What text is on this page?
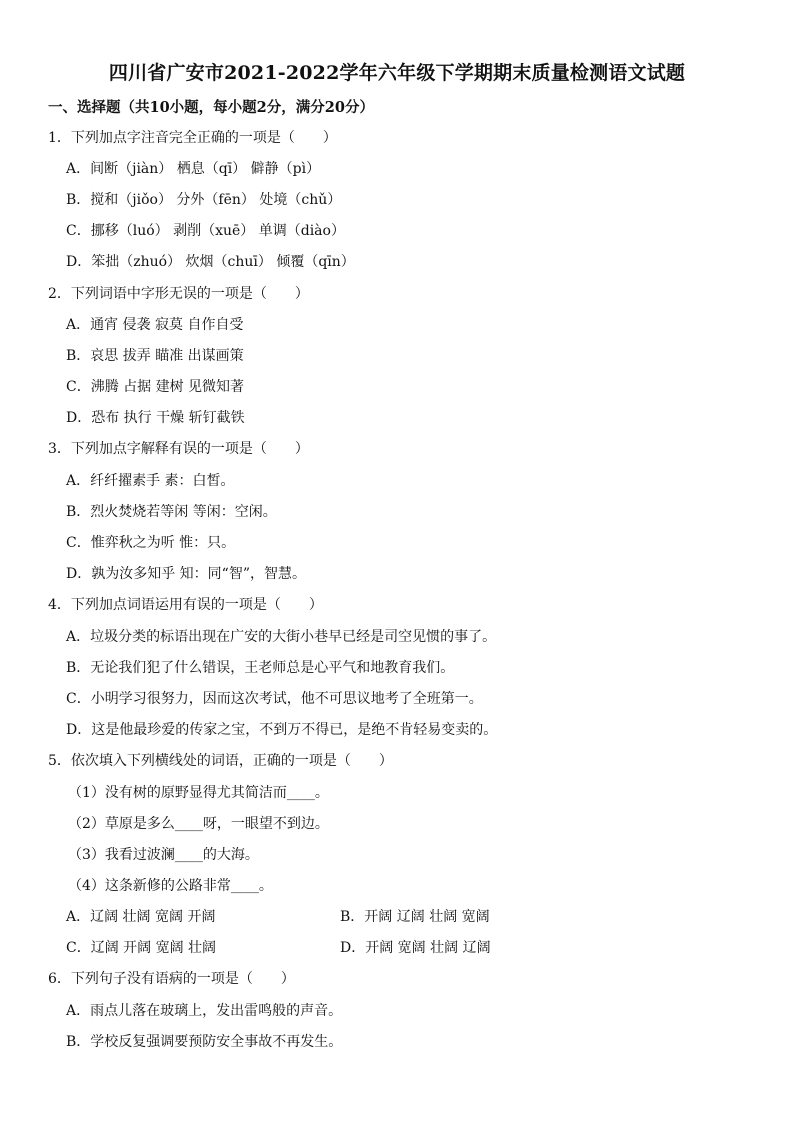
四川省广安市2021-2022学年六年级下学期期末质量检测语文试题
一、选择题（共10小题，每小题2分，满分20分）
1．下列加点字注音完全正确的一项是（　　）
A．间断（jiàn） 栖息（qī） 僻静（pì）
B．搅和（jiǒo） 分外（fēn） 处境（chǔ）
C．挪移（luó） 剥削（xuē） 单调（diào）
D．笨拙（zhuó） 炊烟（chuī） 倾覆（qīn）
2．下列词语中字形无误的一项是（　　）
A．通宵 侵袭 寂莫 自作自受
B．哀思 拔弄 瞄准 出谋画策
C．沸腾 占据 建树 见微知著
D．恐布 执行 干燥 斩钉截铁
3．下列加点字解释有误的一项是（　　）
A．纤纤擢素手 素：白皙。
B．烈火焚烧若等闲 等闲：空闲。
C．惟弈秋之为听 惟：只。
D．孰为汝多知乎 知：同“智”，智慧。
4．下列加点词语运用有误的一项是（　　）
A．垃圾分类的标语出现在广安的大街小巷早已经是司空见惯的事了。
B．无论我们犯了什么错误，王老师总是心平气和地教育我们。
C．小明学习很努力，因而这次考试，他不可思议地考了全班第一。
D．这是他最珍爱的传家之宝，不到万不得已，是绝不肯轻易变卖的。
5．依次填入下列横线处的词语，正确的一项是（　　）
（1）没有树的原野显得尤其简洁而____。
（2）草原是多么____呀，一眼望不到边。
（3）我看过波澜____的大海。
（4）这条新修的公路非常____。
A．辽阔 壮阔 宽阔 开阔	B．开阔 辽阔 壮阔 宽阔
C．辽阔 开阔 宽阔 壮阔	D．开阔 宽阔 壮阔 辽阔
6．下列句子没有语病的一项是（　　）
A．雨点儿落在玻璃上，发出雷鸣般的声音。
B．学校反复强调要预防安全事故不再发生。
